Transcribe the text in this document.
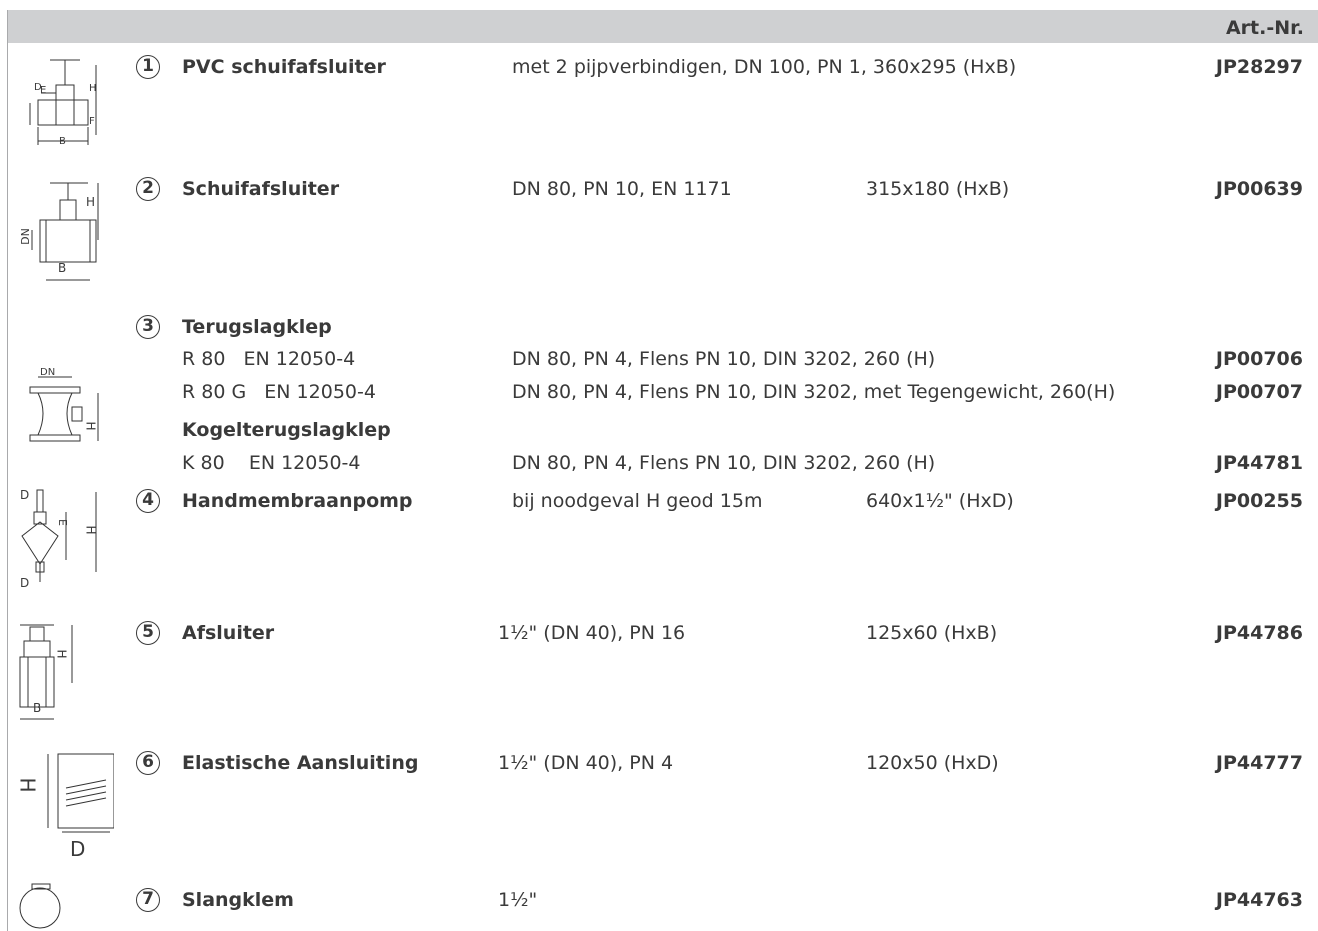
Art.-Nr.
D
E
B
H
F
1	PVC schuifafsluiter	met 2 pijpverbindigen, DN 100, PN 1, 360x295 (HxB)	JP28297
DN
B
H
2	Schuifafsluiter	DN 80, PN 10, EN 1171	315x180 (HxB)	JP00639
DN
H
3	Terugslagklep
R 80   EN 12050-4	DN 80, PN 4, Flens PN 10, DIN 3202, 260 (H)	JP00706
R 80 G   EN 12050-4	DN 80, PN 4, Flens PN 10, DIN 3202, met Tegengewicht, 260(H)	JP00707
Kogelterugslagklep
K 80    EN 12050-4	DN 80, PN 4, Flens PN 10, DIN 3202, 260 (H)	JP44781
D
D
E
H
4	Handmembraanpomp	bij noodgeval H geod 15m	640x1½" (HxD)	JP00255
B
H
5	Afsluiter	1½" (DN 40), PN 16	125x60 (HxB)	JP44786
H
D
6	Elastische Aansluiting	1½" (DN 40), PN 4	120x50 (HxD)	JP44777
7	Slangklem	1½"	JP44763
